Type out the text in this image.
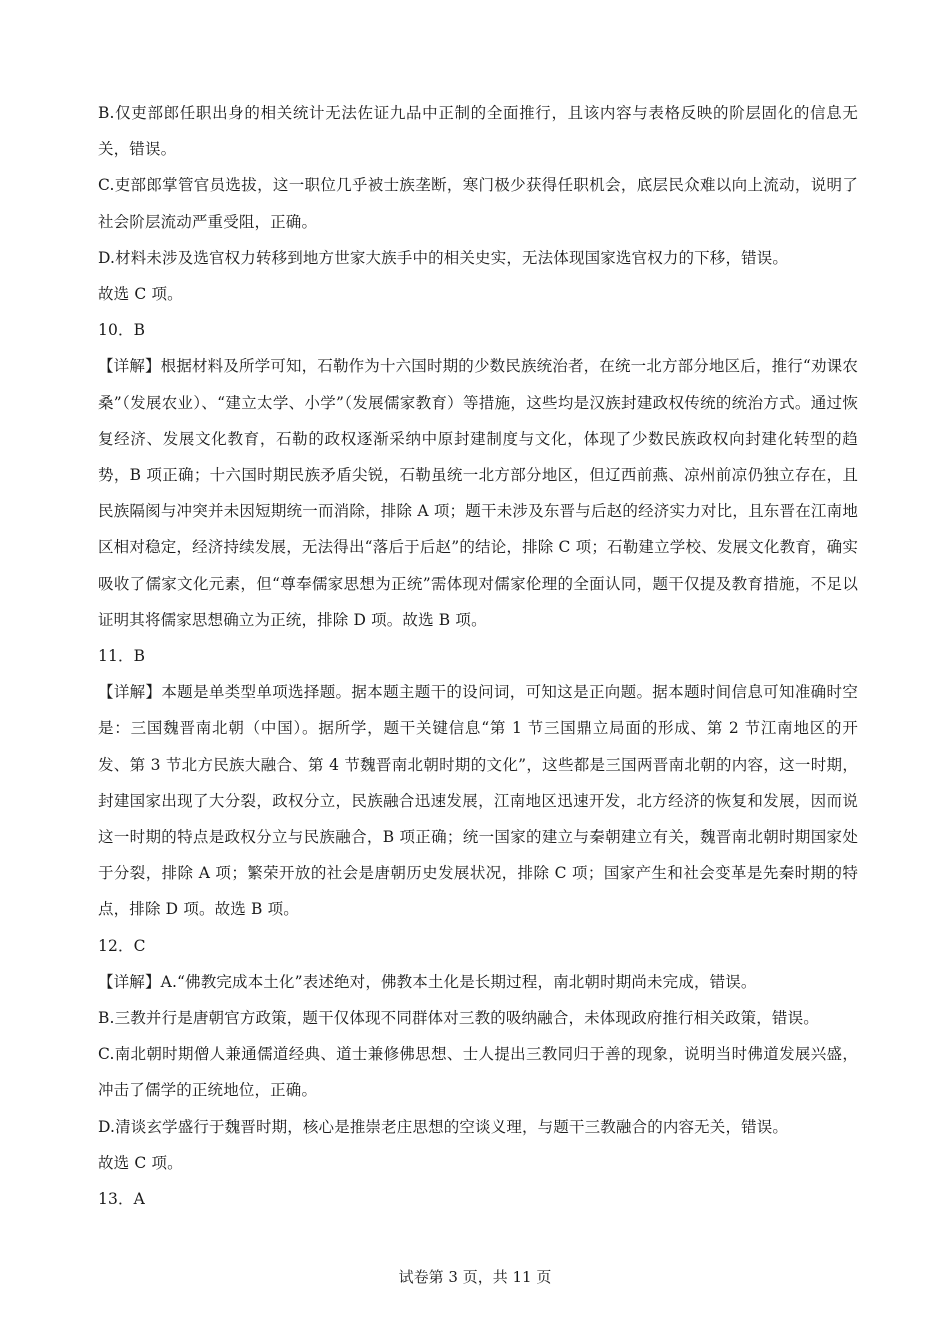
B.仅吏部郎任职出身的相关统计无法佐证九品中正制的全面推行，且该内容与表格反映的阶层固化的信息无关，错误。

C.吏部郎掌管官员选拔，这一职位几乎被士族垄断，寒门极少获得任职机会，底层民众难以向上流动，说明了社会阶层流动严重受阻，正确。

D.材料未涉及选官权力转移到地方世家大族手中的相关史实，无法体现国家选官权力的下移，错误。

故选 C 项。

10．B

【详解】根据材料及所学可知，石勒作为十六国时期的少数民族统治者，在统一北方部分地区后，推行“劝课农桑”（发展农业）、“建立太学、小学”（发展儒家教育）等措施，这些均是汉族封建政权传统的统治方式。通过恢复经济、发展文化教育，石勒的政权逐渐采纳中原封建制度与文化，体现了少数民族政权向封建化转型的趋势，B 项正确；十六国时期民族矛盾尖锐，石勒虽统一北方部分地区，但辽西前燕、凉州前凉仍独立存在，且民族隔阂与冲突并未因短期统一而消除，排除 A 项；题干未涉及东晋与后赵的经济实力对比，且东晋在江南地区相对稳定，经济持续发展，无法得出“落后于后赵”的结论，排除 C 项；石勒建立学校、发展文化教育，确实吸收了儒家文化元素，但“尊奉儒家思想为正统”需体现对儒家伦理的全面认同，题干仅提及教育措施，不足以证明其将儒家思想确立为正统，排除 D 项。故选 B 项。

11．B

【详解】本题是单类型单项选择题。据本题主题干的设问词，可知这是正向题。据本题时间信息可知准确时空是：三国魏晋南北朝（中国）。据所学，题干关键信息“第 1 节三国鼎立局面的形成、第 2 节江南地区的开发、第 3 节北方民族大融合、第 4 节魏晋南北朝时期的文化”，这些都是三国两晋南北朝的内容，这一时期，封建国家出现了大分裂，政权分立，民族融合迅速发展，江南地区迅速开发，北方经济的恢复和发展，因而说这一时期的特点是政权分立与民族融合，B 项正确；统一国家的建立与秦朝建立有关，魏晋南北朝时期国家处于分裂，排除 A 项；繁荣开放的社会是唐朝历史发展状况，排除 C 项；国家产生和社会变革是先秦时期的特点，排除 D 项。故选 B 项。

12．C

【详解】A.“佛教完成本土化”表述绝对，佛教本土化是长期过程，南北朝时期尚未完成，错误。

B.三教并行是唐朝官方政策，题干仅体现不同群体对三教的吸纳融合，未体现政府推行相关政策，错误。

C.南北朝时期僧人兼通儒道经典、道士兼修佛思想、士人提出三教同归于善的现象，说明当时佛道发展兴盛，冲击了儒学的正统地位，正确。

D.清谈玄学盛行于魏晋时期，核心是推崇老庄思想的空谈义理，与题干三教融合的内容无关，错误。

故选 C 项。

13．A

试卷第 3 页，共 11 页
